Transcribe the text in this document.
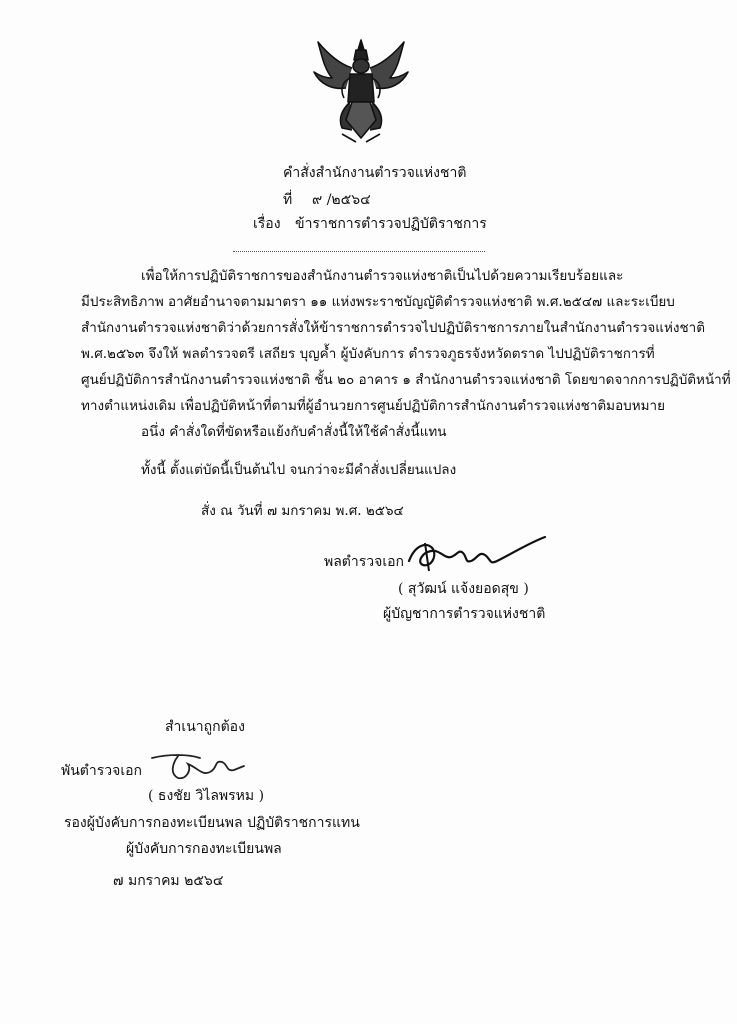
คำสั่งสำนักงานตำรวจแห่งชาติ
ที่ ๙ /๒๕๖๔
เรื่อง ข้าราชการตำรวจปฏิบัติราชการ
เพื่อให้การปฏิบัติราชการของสำนักงานตำรวจแห่งชาติเป็นไปด้วยความเรียบร้อยและ
มีประสิทธิภาพ อาศัยอำนาจตามมาตรา ๑๑ แห่งพระราชบัญญัติตำรวจแห่งชาติ พ.ศ.๒๕๔๗ และระเบียบ
สำนักงานตำรวจแห่งชาติว่าด้วยการสั่งให้ข้าราชการตำรวจไปปฏิบัติราชการภายในสำนักงานตำรวจแห่งชาติ
พ.ศ.๒๕๖๓ จึงให้ พลตำรวจตรี เสถียร บุญค้ำ ผู้บังคับการ ตำรวจภูธรจังหวัดตราด ไปปฏิบัติราชการที่
ศูนย์ปฏิบัติการสำนักงานตำรวจแห่งชาติ ชั้น ๒๐ อาคาร ๑ สำนักงานตำรวจแห่งชาติ โดยขาดจากการปฏิบัติหน้าที่
ทางตำแหน่งเดิม เพื่อปฏิบัติหน้าที่ตามที่ผู้อำนวยการศูนย์ปฏิบัติการสำนักงานตำรวจแห่งชาติมอบหมาย
อนึ่ง คำสั่งใดที่ขัดหรือแย้งกับคำสั่งนี้ให้ใช้คำสั่งนี้แทน
ทั้งนี้ ตั้งแต่บัดนี้เป็นต้นไป จนกว่าจะมีคำสั่งเปลี่ยนแปลง
สั่ง ณ วันที่ ๗ มกราคม พ.ศ. ๒๕๖๔
พลตำรวจเอก
( สุวัฒน์ แจ้งยอดสุข )
ผู้บัญชาการตำรวจแห่งชาติ
สำเนาถูกต้อง
พันตำรวจเอก
( ธงชัย วิไลพรหม )
รองผู้บังคับการกองทะเบียนพล ปฏิบัติราชการแทน
ผู้บังคับการกองทะเบียนพล
๗ มกราคม ๒๕๖๔
